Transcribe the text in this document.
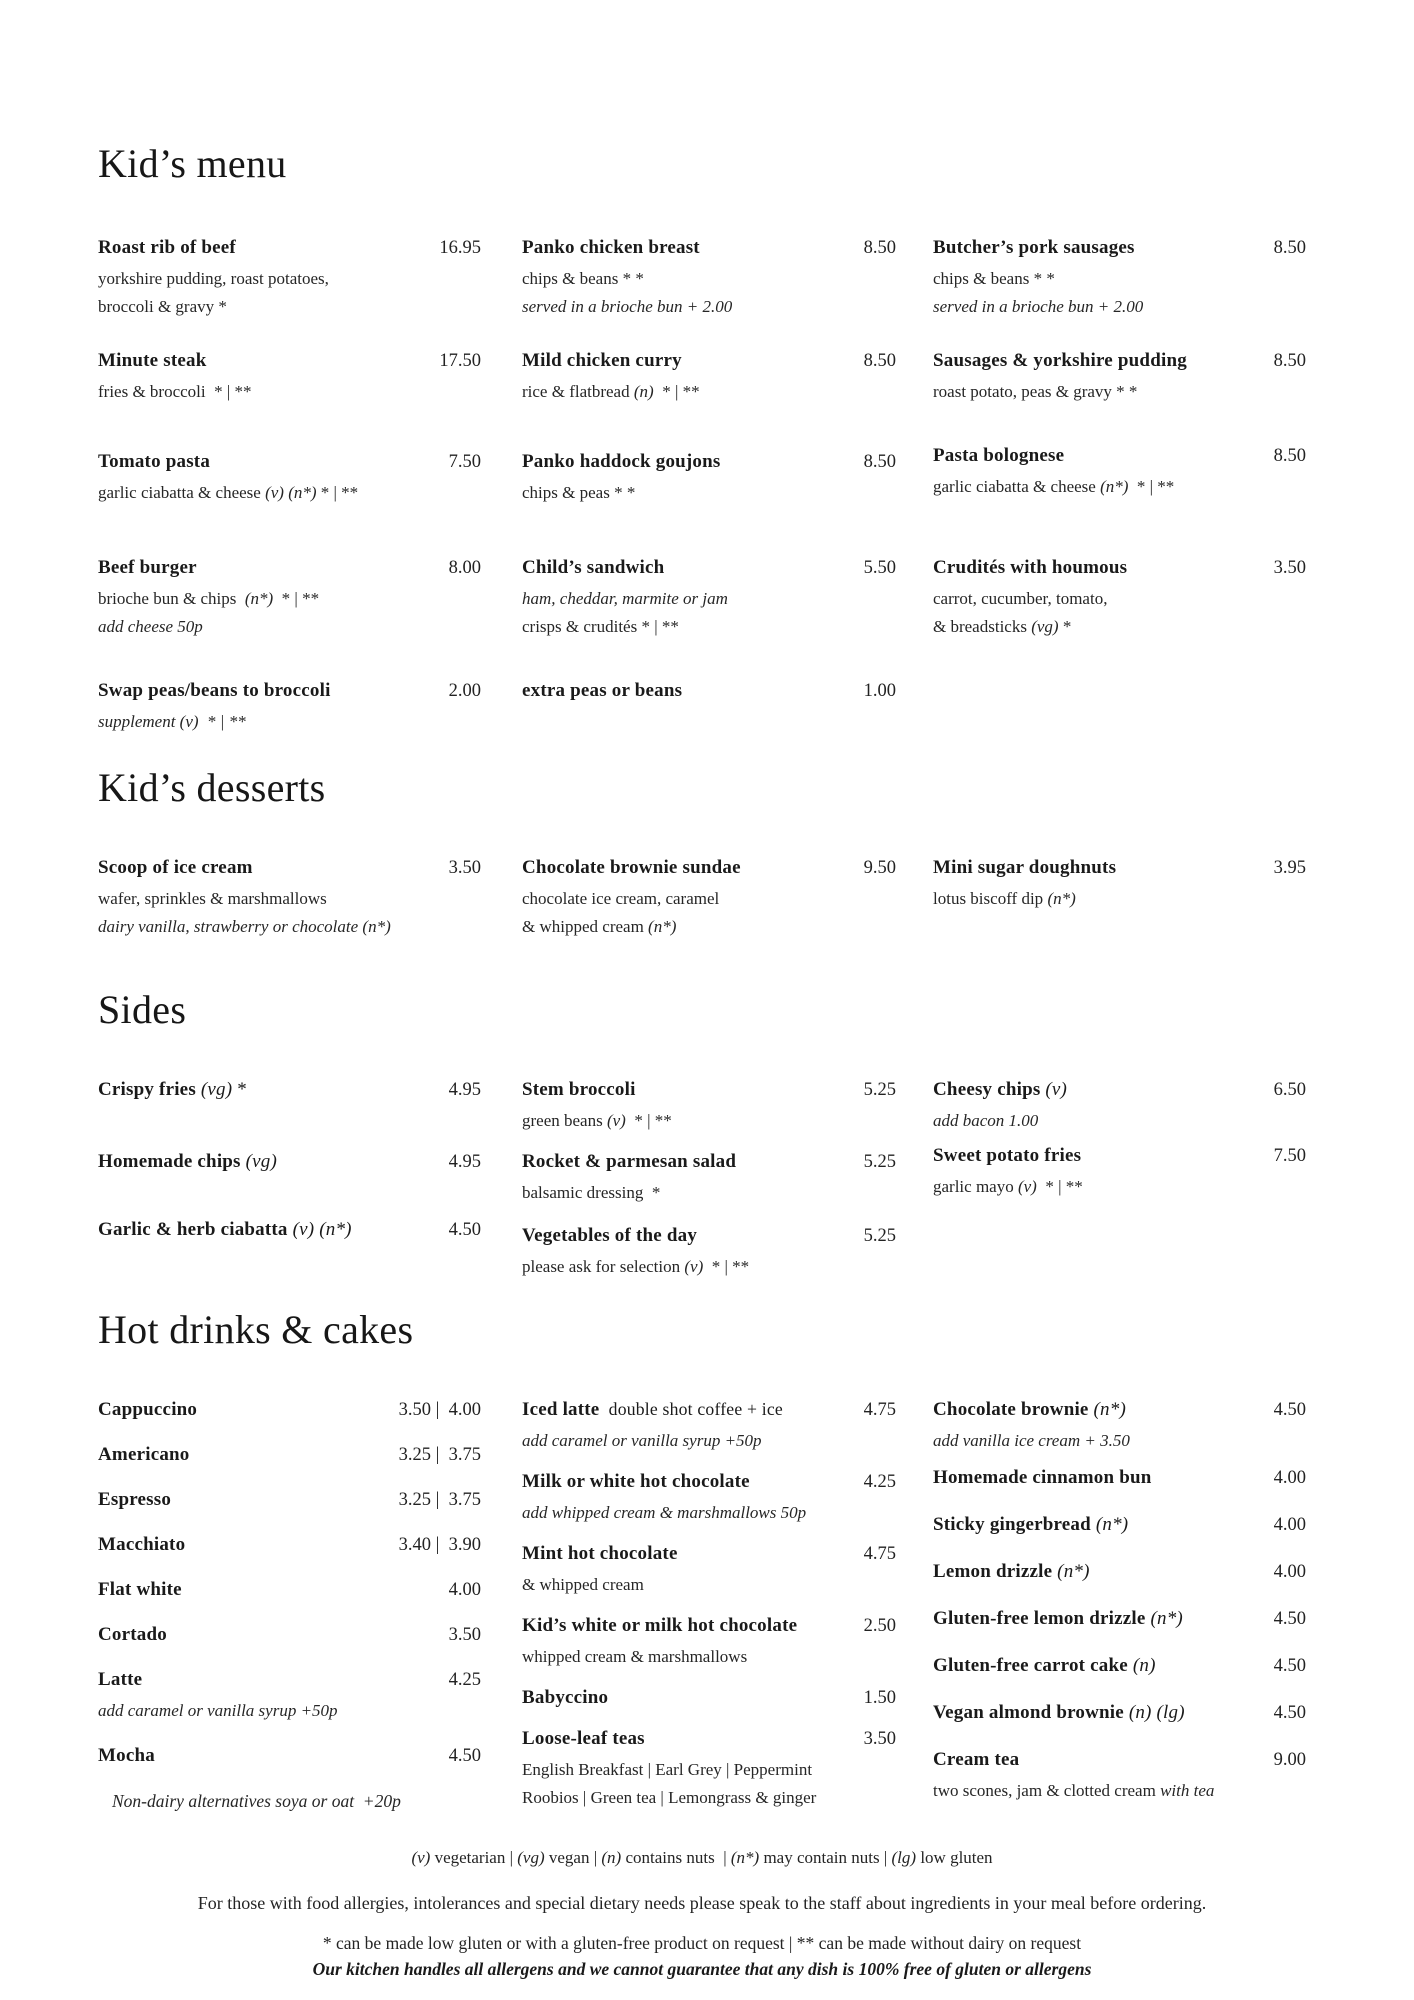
Kid’s menu
Roast rib of beef	16.95
yorkshire pudding, roast potatoes,
broccoli & gravy *
Panko chicken breast	8.50
chips & beans * *
served in a brioche bun + 2.00
Butcher’s pork sausages	8.50
chips & beans * *
served in a brioche bun + 2.00
Minute steak	17.50
fries & broccoli  * | **
Mild chicken curry	8.50
rice & flatbread (n)  * | **
Sausages & yorkshire pudding	8.50
roast potato, peas & gravy * *
Tomato pasta	7.50
garlic ciabatta & cheese (v) (n*) * | **
Panko haddock goujons	8.50
chips & peas * *
Pasta bolognese	8.50
garlic ciabatta & cheese (n*)  * | **
Beef burger	8.00
brioche bun & chips  (n*)  * | **
add cheese 50p
Child’s sandwich	5.50
ham, cheddar, marmite or jam
crisps & crudités * | **
Crudités with houmous	3.50
carrot, cucumber, tomato,
& breadsticks (vg) *
Swap peas/beans to broccoli	2.00
supplement (v)  * | **
extra peas or beans	1.00
Kid’s desserts
Scoop of ice cream	3.50
wafer, sprinkles & marshmallows
dairy vanilla, strawberry or chocolate (n*)
Chocolate brownie sundae	9.50
chocolate ice cream, caramel
& whipped cream (n*)
Mini sugar doughnuts	3.95
lotus biscoff dip (n*)
Sides
Crispy fries (vg) *	4.95 Stem broccoli	5.25
green beans (v)  * | **
Cheesy chips (v)	6.50
add bacon 1.00
Homemade chips (vg)	4.95 Rocket & parmesan salad	5.25
balsamic dressing  *
Sweet potato fries	7.50
garlic mayo (v)  * | **
Garlic & herb ciabatta (v) (n*)	4.50 Vegetables of the day	5.25
please ask for selection (v)  * | **
Hot drinks & cakes
Cappuccino	3.50 |  4.00
Americano	3.25 |  3.75
Espresso	3.25 |  3.75
Macchiato	3.40 |  3.90
Flat white	4.00
Cortado	3.50
Latte	4.25
add caramel or vanilla syrup +50p
Mocha	4.50
Non-dairy alternatives soya or oat  +20p
Iced latte  double shot coffee + ice	4.75
add caramel or vanilla syrup +50p
Milk or white hot chocolate	4.25
add whipped cream & marshmallows 50p
Mint hot chocolate	4.75
& whipped cream
Kid’s white or milk hot chocolate	2.50
whipped cream & marshmallows
Babyccino	1.50
Loose-leaf teas	3.50
English Breakfast | Earl Grey | Peppermint
Roobios | Green tea | Lemongrass & ginger
Chocolate brownie (n*)	4.50
add vanilla ice cream + 3.50
Homemade cinnamon bun	4.00
Sticky gingerbread (n*)	4.00
Lemon drizzle (n*)	4.00
Gluten-free lemon drizzle (n*)	4.50
Gluten-free carrot cake (n)	4.50
Vegan almond brownie (n) (lg)	4.50
Cream tea	9.00
two scones, jam & clotted cream with tea
(v) vegetarian | (vg) vegan | (n) contains nuts  | (n*) may contain nuts | (lg) low gluten
For those with food allergies, intolerances and special dietary needs please speak to the staff about ingredients in your meal before ordering.
* can be made low gluten or with a gluten-free product on request | ** can be made without dairy on request
Our kitchen handles all allergens and we cannot guarantee that any dish is 100% free of gluten or allergens
